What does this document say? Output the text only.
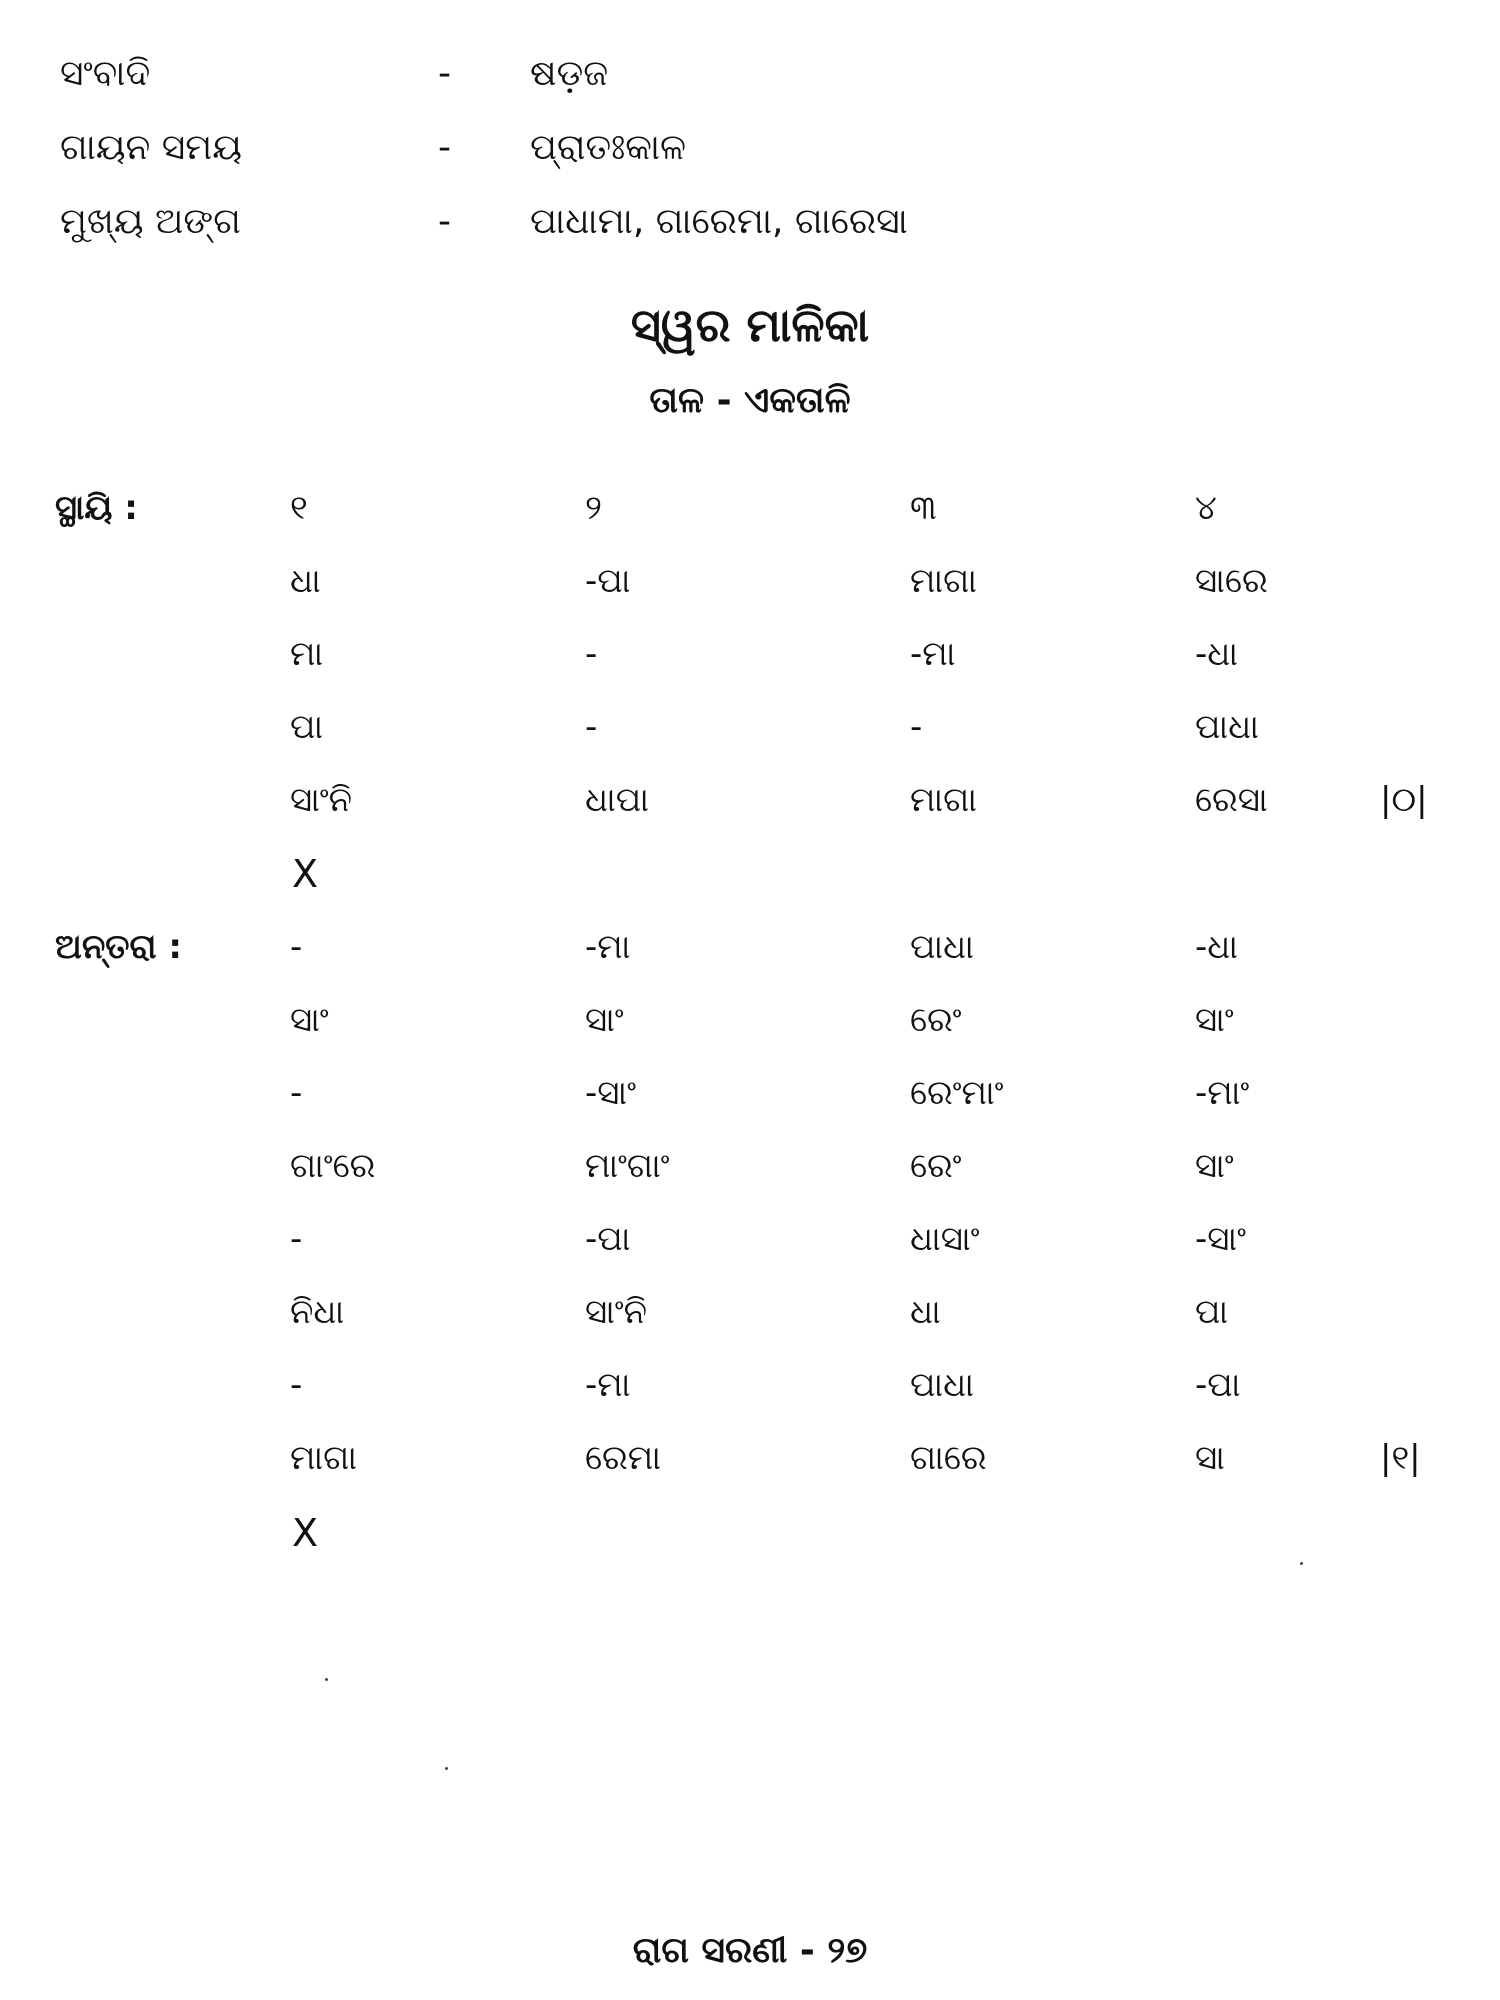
ସଂବାଦି	- ଷଡ଼ଜ
ଗାୟନ ସମୟ	- ପ୍ରାତଃକାଳ
ମୁଖ୍ୟ ଅଙ୍ଗ	- ପାଧାମା, ଗାରେମା, ଗାରେସା
ସ୍ୱର ମାଳିକା
ତାଳ - ଏକତାଳି
ସ୍ଥାୟି :	୧	୨	୩	୪
ଧା	-ପା	ମାଗା	ସାରେ
ମା	-	-ମା	-ଧା
ପା	-	-	ପାଧା
ସାଂନି	ଧାପା	ମାଗା	ରେସା	|୦|
X
ଅନ୍ତରା :	-	-ମା	ପାଧା	-ଧା
ସାଂ	ସାଂ	ରେଂ	ସାଂ
-	-ସାଂ	ରେଂମାଂ	-ମାଂ
ଗାଂରେ	ମାଂଗାଂ	ରେଂ	ସାଂ
-	-ପା	ଧାସାଂ	-ସାଂ
ନିଧା	ସାଂନି	ଧା	ପା
-	-ମା	ପାଧା	-ପା
ମାଗା	ରେମା	ଗାରେ	ସା	|୧|
X
ରାଗ ସରଣୀ - ୨୭
